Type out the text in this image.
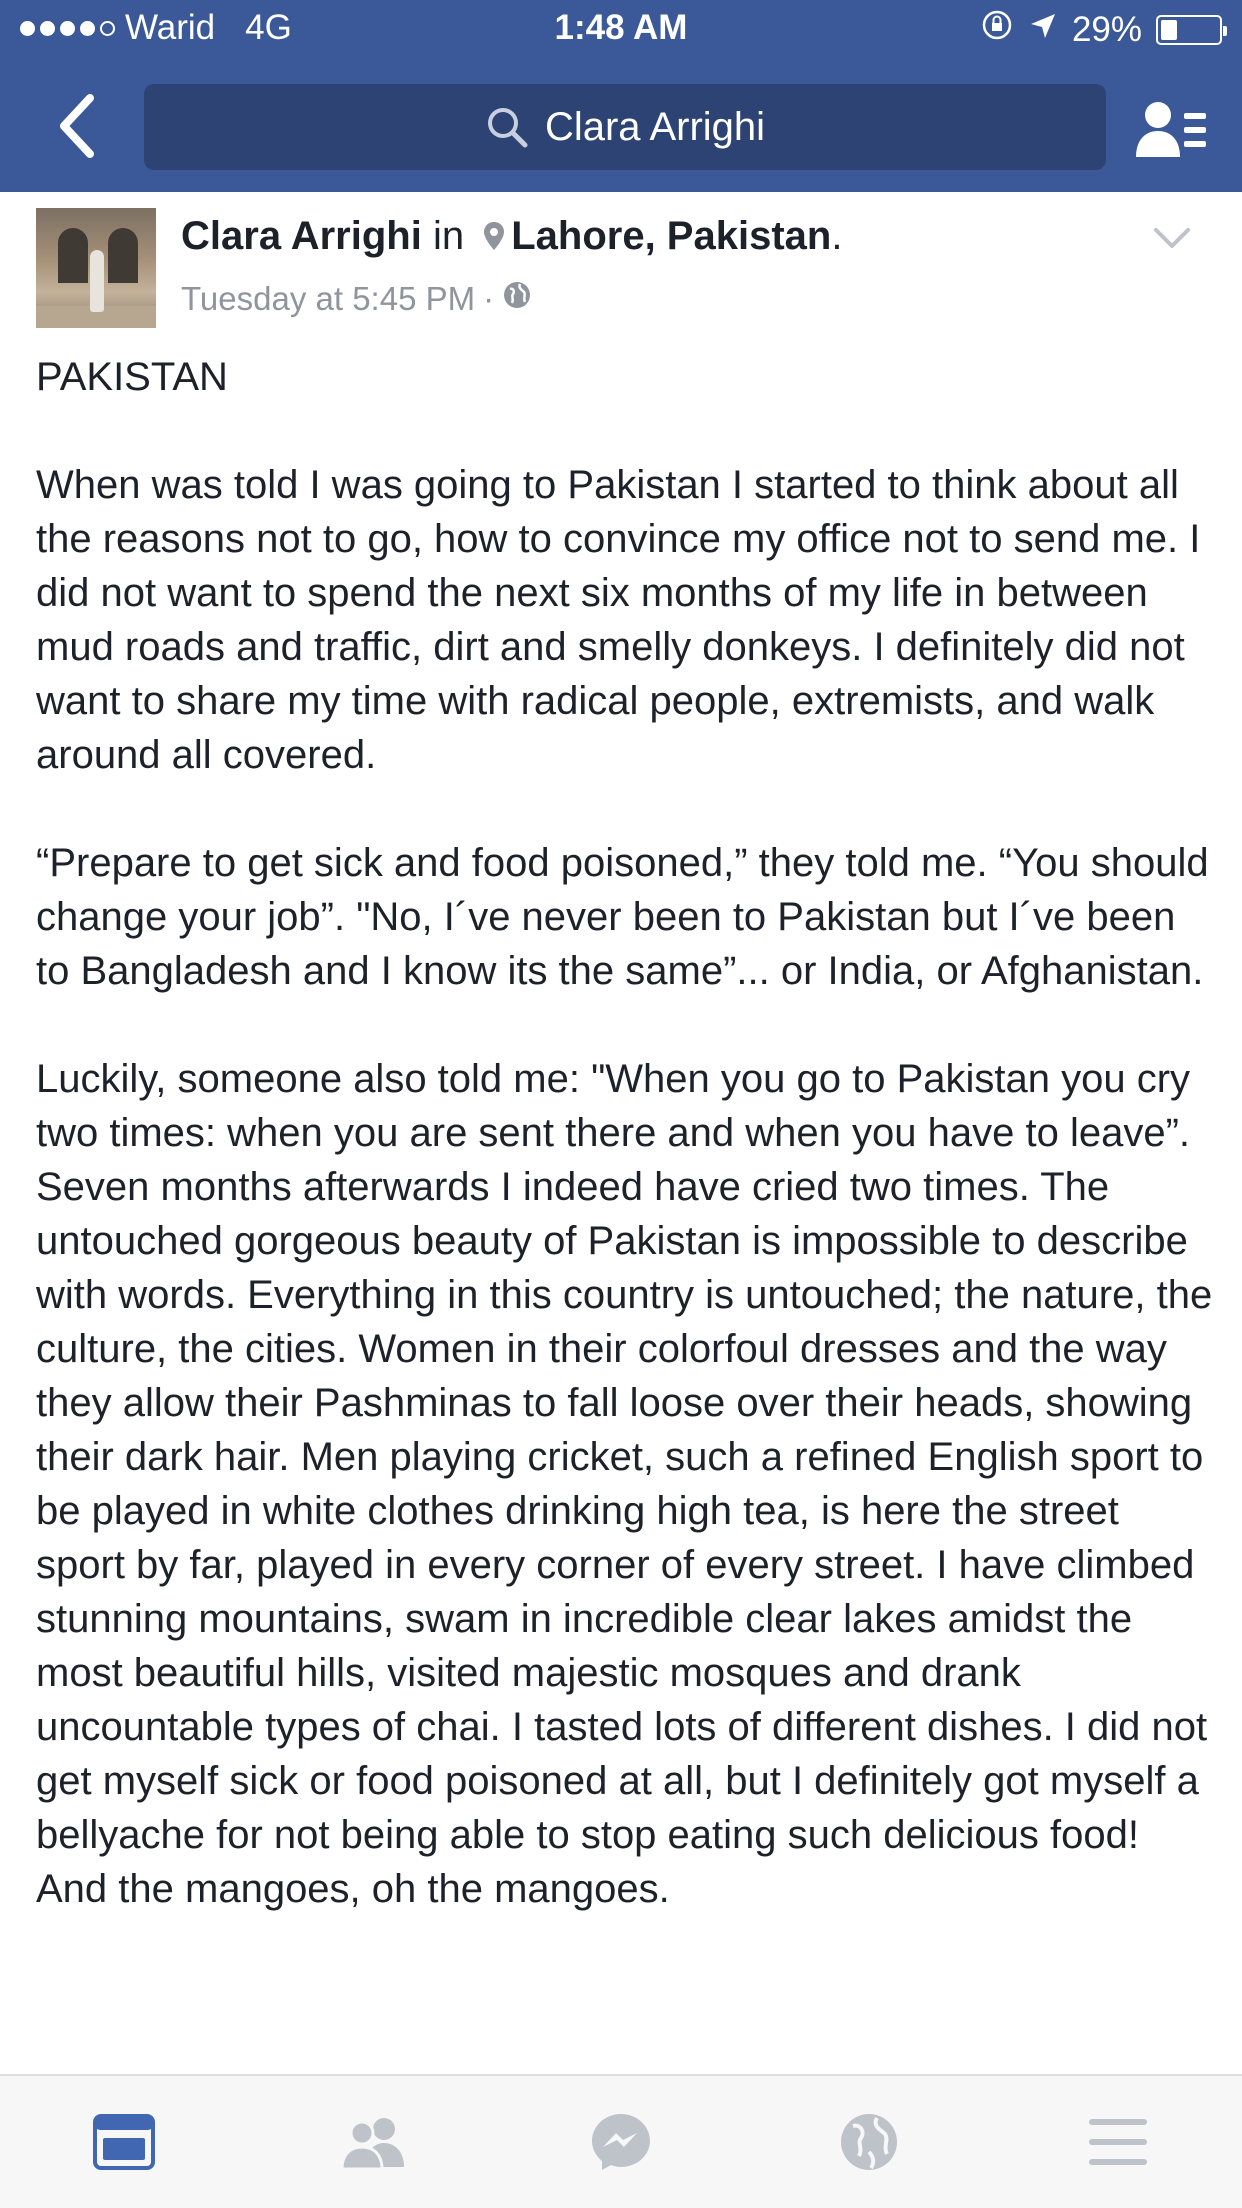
Warid 4G	1:48 AM	29%
Clara Arrighi
Clara Arrighi in Lahore, Pakistan.
Tuesday at 5:45 PM ·

PAKISTAN

When was told I was going to Pakistan I started to think about all the reasons not to go, how to convince my office not to send me. I did not want to spend the next six months of my life in between mud roads and traffic, dirt and smelly donkeys. I definitely did not want to share my time with radical people, extremists, and walk around all covered.

“Prepare to get sick and food poisoned,” they told me. “You should change your job”. "No, I´ve never been to Pakistan but I´ve been to Bangladesh and I know its the same”... or India, or Afghanistan.

Luckily, someone also told me: "When you go to Pakistan you cry two times: when you are sent there and when you have to leave”. Seven months afterwards I indeed have cried two times. The untouched gorgeous beauty of Pakistan is impossible to describe with words. Everything in this country is untouched; the nature, the culture, the cities. Women in their colorfoul dresses and the way they allow their Pashminas to fall loose over their heads, showing their dark hair. Men playing cricket, such a refined English sport to be played in white clothes drinking high tea, is here the street sport by far, played in every corner of every street. I have climbed stunning mountains, swam in incredible clear lakes amidst the most beautiful hills, visited majestic mosques and drank uncountable types of chai. I tasted lots of different dishes. I did not get myself sick or food poisoned at all, but I definitely got myself a bellyache for not being able to stop eating such delicious food! And the mangoes, oh the mangoes.
